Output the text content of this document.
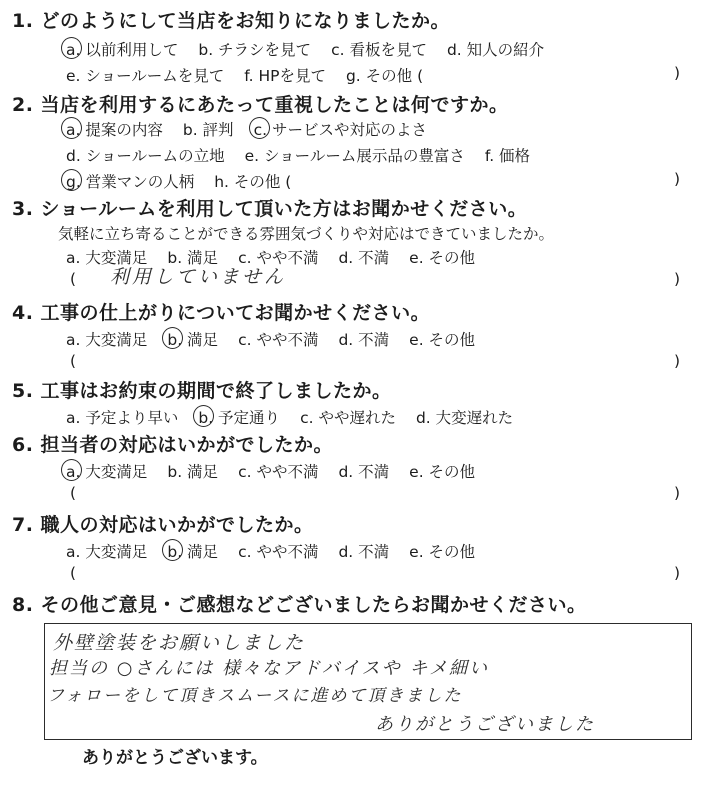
1. どのようにして当店をお知りになりましたか。
a. 以前利用して b. チラシを見て c. 看板を見て d. 知人の紹介
e. ショールームを見て f. HPを見て g. その他 (	)
2. 当店を利用するにあたって重視したことは何ですか。
a. 提案の内容 b. 評判 c. サービスや対応のよさ
d. ショールームの立地 e. ショールーム展示品の豊富さ f. 価格
g. 営業マンの人柄 h. その他 (	)
3. ショールームを利用して頂いた方はお聞かせください。
気軽に立ち寄ることができる雰囲気づくりや対応はできていましたか。
a. 大変満足 b. 満足 c. やや不満 d. 不満 e. その他
(	)
利用していません
4. 工事の仕上がりについてお聞かせください。
a. 大変満足 b. 満足 c. やや不満 d. 不満 e. その他
(	)
5. 工事はお約束の期間で終了しましたか。
a. 予定より早い b. 予定通り c. やや遅れた d. 大変遅れた
6. 担当者の対応はいかがでしたか。
a. 大変満足 b. 満足 c. やや不満 d. 不満 e. その他
(	)
7. 職人の対応はいかがでしたか。
a. 大変満足 b. 満足 c. やや不満 d. 不満 e. その他
(	)
8. その他ご意見・ご感想などございましたらお聞かせください。
外壁塗装をお願いしました
担当の ○さんには 様々なアドバイスや キメ細い
フォローをして頂きスムースに進めて頂きました
ありがとうございました
ありがとうございます。
